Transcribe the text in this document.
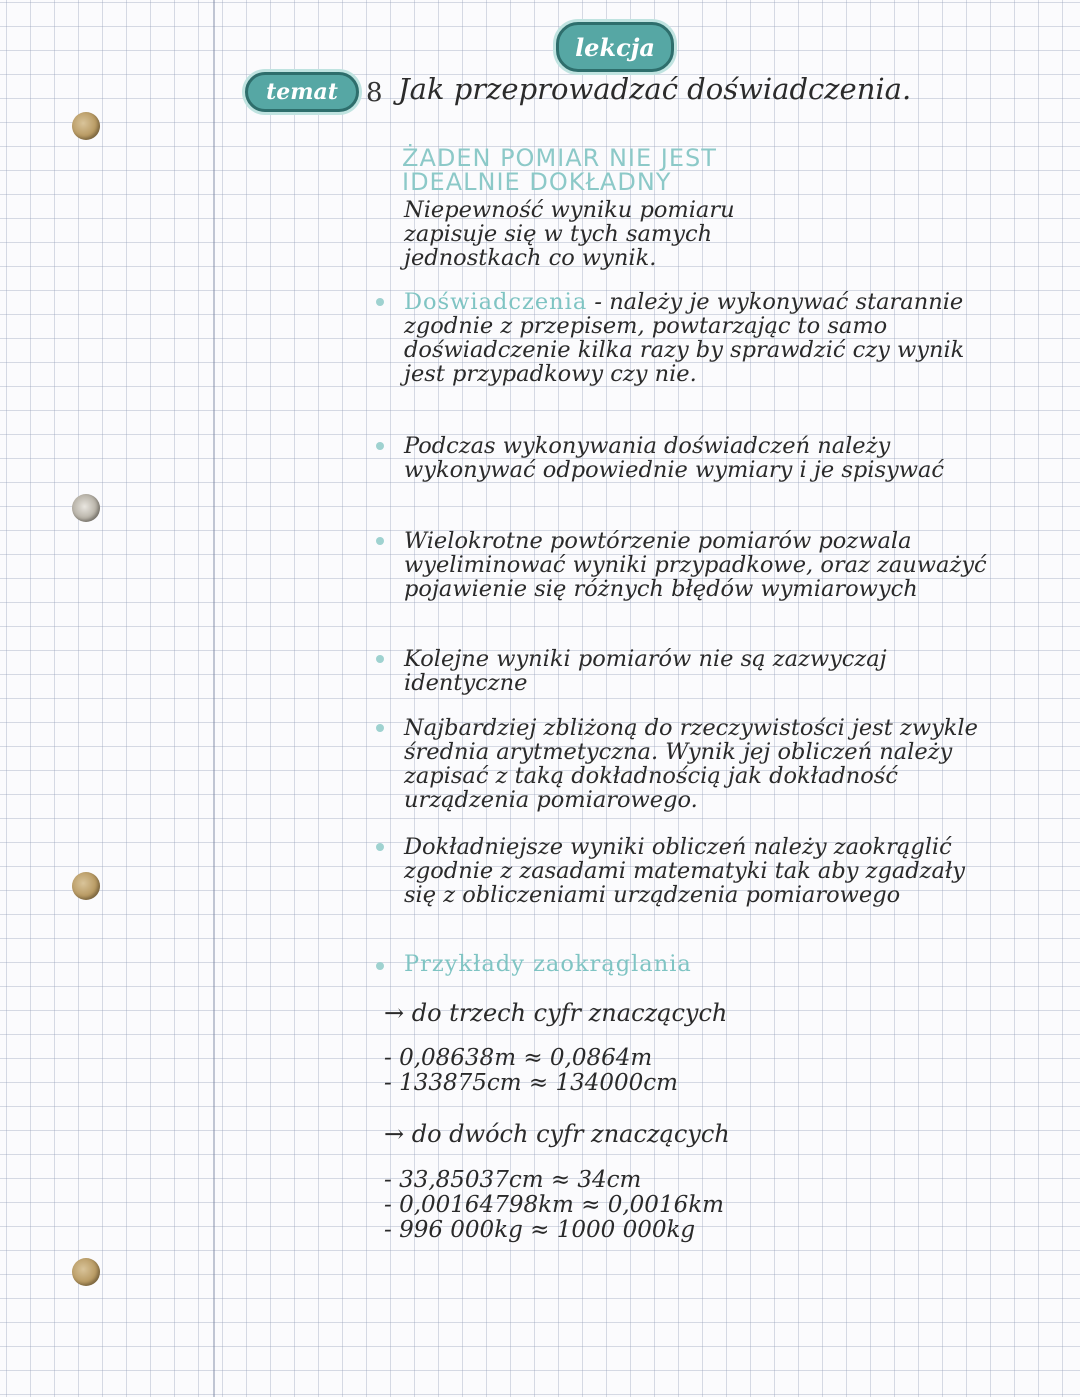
lekcja
temat	8 Jak przeprowadzać doświadczenia.
ŻADEN POMIAR NIE JEST IDEALNIE DOKŁADNY
Niepewność wyniku pomiaru zapisuje się w tych samych jednostkach co wynik.
Doświadczenia - należy je wykonywać starannie zgodnie z przepisem, powtarzając to samo doświadczenie kilka razy by sprawdzić czy wynik jest przypadkowy czy nie.
Podczas wykonywania doświadczeń należy wykonywać odpowiednie wymiary i je spisywać
Wielokrotne powtórzenie pomiarów pozwala wyeliminować wyniki przypadkowe, oraz zauważyć pojawienie się różnych błędów wymiarowych
Kolejne wyniki pomiarów nie są zazwyczaj identyczne
Najbardziej zbliżoną do rzeczywistości jest zwykle średnia arytmetyczna. Wynik jej obliczeń należy zapisać z taką dokładnością jak dokładność urządzenia pomiarowego.
Dokładniejsze wyniki obliczeń należy zaokrąglić zgodnie z zasadami matematyki tak aby zgadzały się z obliczeniami urządzenia pomiarowego
Przykłady zaokrąglania
→ do trzech cyfr znaczących
- 0,08638m ≈ 0,0864m
- 133875cm ≈ 134000cm
→ do dwóch cyfr znaczących
- 33,85037cm ≈ 34cm
- 0,00164798km ≈ 0,0016km
- 996 000kg ≈ 1000 000kg
